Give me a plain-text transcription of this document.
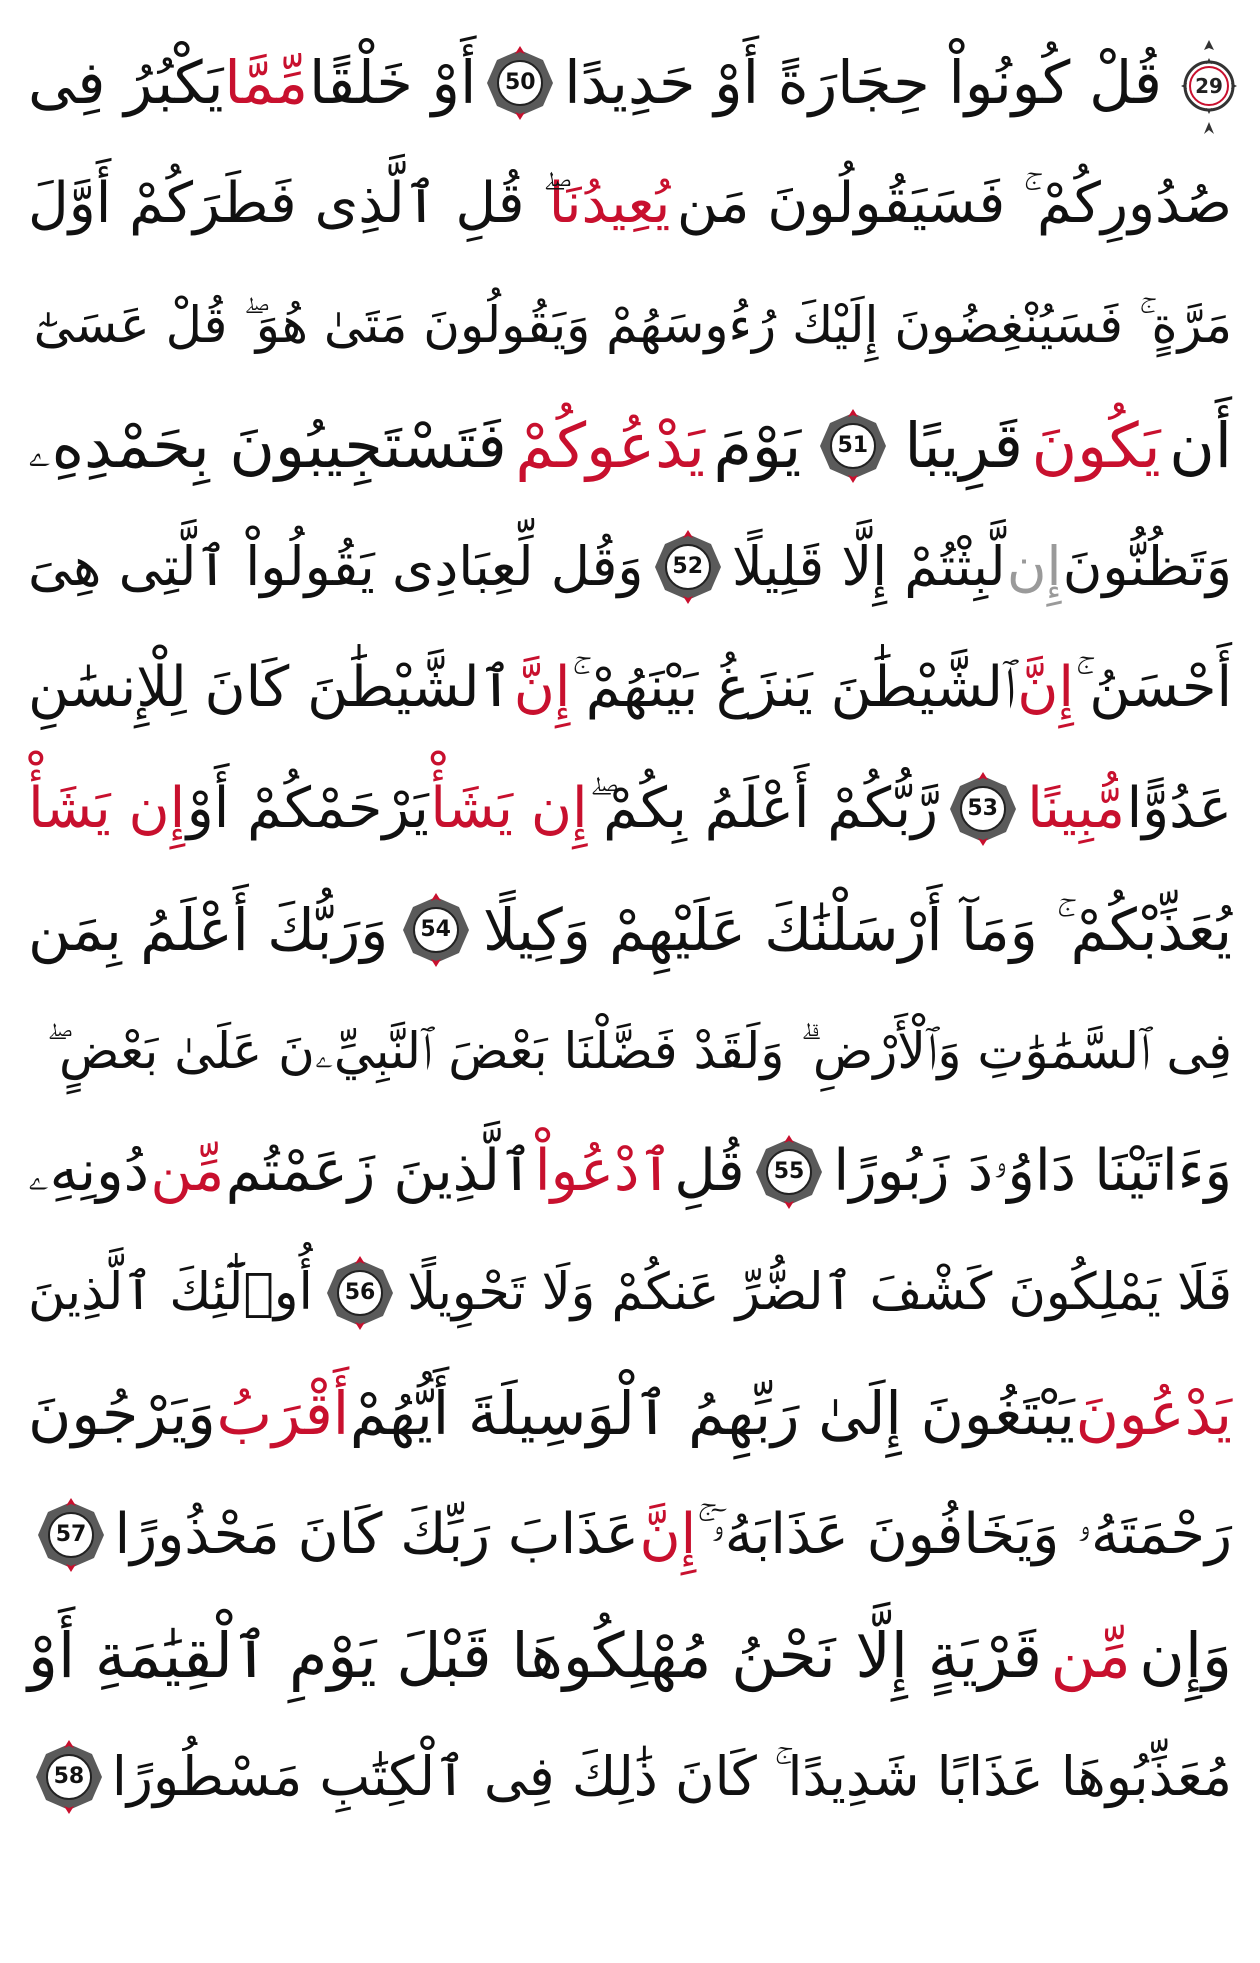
29
قُلْ كُونُواْ حِجَارَةً أَوْ حَدِيدًا
50
أَوْ خَلْقًا
مِّمَّا
يَكْبُرُ فِى
صُدُورِكُمْ ۚ فَسَيَقُولُونَ مَن
يُعِيدُنَا
ۖ قُلِ ٱلَّذِى فَطَرَكُمْ أَوَّلَ
مَرَّةٍ ۚ فَسَيُنْغِضُونَ إِلَيْكَ رُءُوسَهُمْ وَيَقُولُونَ مَتَىٰ هُوَ ۖ قُلْ عَسَىٰٓ
أَن
يَكُونَ
قَرِيبًا
51
يَوْمَ
يَدْعُوكُمْ
فَتَسْتَجِيبُونَ بِحَمْدِهِۦ
وَتَظُنُّونَ
إِن
لَّبِثْتُمْ إِلَّا قَلِيلًا
52
وَقُل لِّعِبَادِى يَقُولُواْ ٱلَّتِى هِىَ
أَحْسَنُ ۚ
إِنَّ
ٱلشَّيْطَٰنَ يَنزَغُ بَيْنَهُمْ ۚ
إِنَّ
ٱلشَّيْطَٰنَ كَانَ لِلْإِنسَٰنِ
عَدُوًّا
مُّبِينًا
53
رَّبُّكُمْ أَعْلَمُ بِكُمْ ۖ
إِن يَشَأْ
يَرْحَمْكُمْ أَوْ
إِن يَشَأْ
يُعَذِّبْكُمْ ۚ وَمَآ أَرْسَلْنَٰكَ عَلَيْهِمْ وَكِيلًا
54
وَرَبُّكَ أَعْلَمُ بِمَن
فِى ٱلسَّمَٰوَٰتِ وَٱلْأَرْضِ ۗ وَلَقَدْ فَضَّلْنَا بَعْضَ ٱلنَّبِيِّۦنَ عَلَىٰ بَعْضٍ ۖ
وَءَاتَيْنَا دَاوُۥدَ زَبُورًا
55
قُلِ
ٱدْعُواْ
ٱلَّذِينَ زَعَمْتُم
مِّن
دُونِهِۦ
فَلَا يَمْلِكُونَ كَشْفَ ٱلضُّرِّ عَنكُمْ وَلَا تَحْوِيلًا
56
أُو۟لَٰٓئِكَ ٱلَّذِينَ
يَدْعُونَ
يَبْتَغُونَ إِلَىٰ رَبِّهِمُ ٱلْوَسِيلَةَ أَيُّهُمْ
أَقْرَبُ
وَيَرْجُونَ
رَحْمَتَهُۥ وَيَخَافُونَ عَذَابَهُۥٓ ۚ
إِنَّ
عَذَابَ رَبِّكَ كَانَ مَحْذُورًا
57
وَإِن
مِّن
قَرْيَةٍ إِلَّا نَحْنُ مُهْلِكُوهَا قَبْلَ يَوْمِ ٱلْقِيَٰمَةِ أَوْ
مُعَذِّبُوهَا عَذَابًا شَدِيدًا ۚ كَانَ ذَٰلِكَ فِى ٱلْكِتَٰبِ مَسْطُورًا
58
